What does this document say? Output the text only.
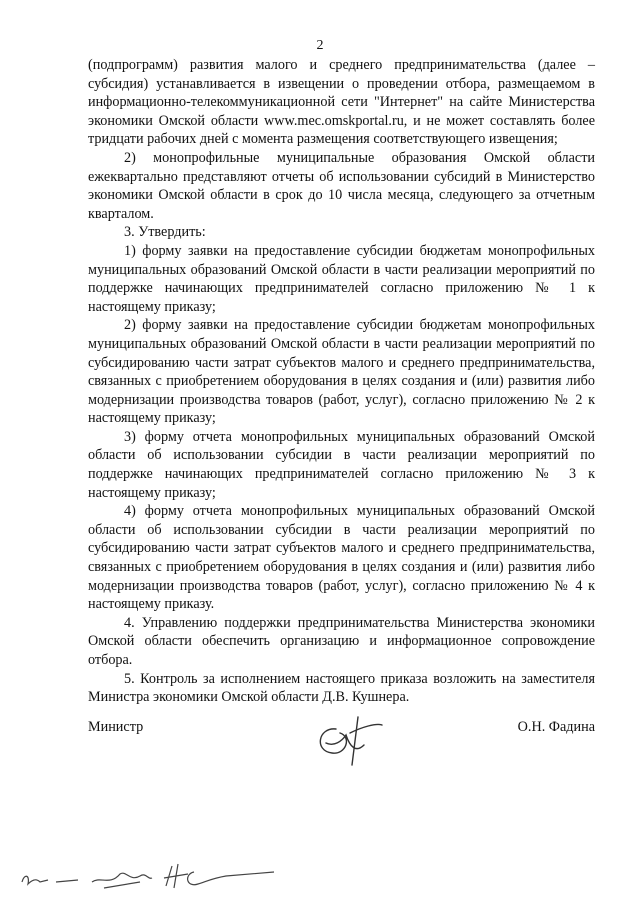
2

(подпрограмм) развития малого и среднего предпринимательства (далее – субсидия) устанавливается в извещении о проведении отбора, размещаемом в информационно-телекоммуникационной сети "Интернет" на сайте Министерства экономики Омской области www.mec.omskportal.ru, и не может составлять более тридцати рабочих дней с момента размещения соответствующего извещения;

2) монопрофильные муниципальные образования Омской области ежеквартально представляют отчеты об использовании субсидий в Министерство экономики Омской области в срок до 10 числа месяца, следующего за отчетным кварталом.

3. Утвердить:

1) форму заявки на предоставление субсидии бюджетам монопрофильных муниципальных образований Омской области в части реализации мероприятий по поддержке начинающих предпринимателей согласно приложению № 1 к настоящему приказу;

2) форму заявки на предоставление субсидии бюджетам монопрофильных муниципальных образований Омской области в части реализации мероприятий по субсидированию части затрат субъектов малого и среднего предпринимательства, связанных с приобретением оборудования в целях создания и (или) развития либо модернизации производства товаров (работ, услуг), согласно приложению № 2 к настоящему приказу;

3) форму отчета монопрофильных муниципальных образований Омской области об использовании субсидии в части реализации мероприятий по поддержке начинающих предпринимателей согласно приложению № 3 к настоящему приказу;

4) форму отчета монопрофильных муниципальных образований Омской области об использовании субсидии в части реализации мероприятий по субсидированию части затрат субъектов малого и среднего предпринимательства, связанных с приобретением оборудования в целях создания и (или) развития либо модернизации производства товаров (работ, услуг), согласно приложению № 4 к настоящему приказу.

4. Управлению поддержки предпринимательства Министерства экономики Омской области обеспечить организацию и информационное сопровождение отбора.

5. Контроль за исполнением настоящего приказа возложить на заместителя Министра экономики Омской области Д.В. Кушнера.

Министр	О.Н. Фадина
